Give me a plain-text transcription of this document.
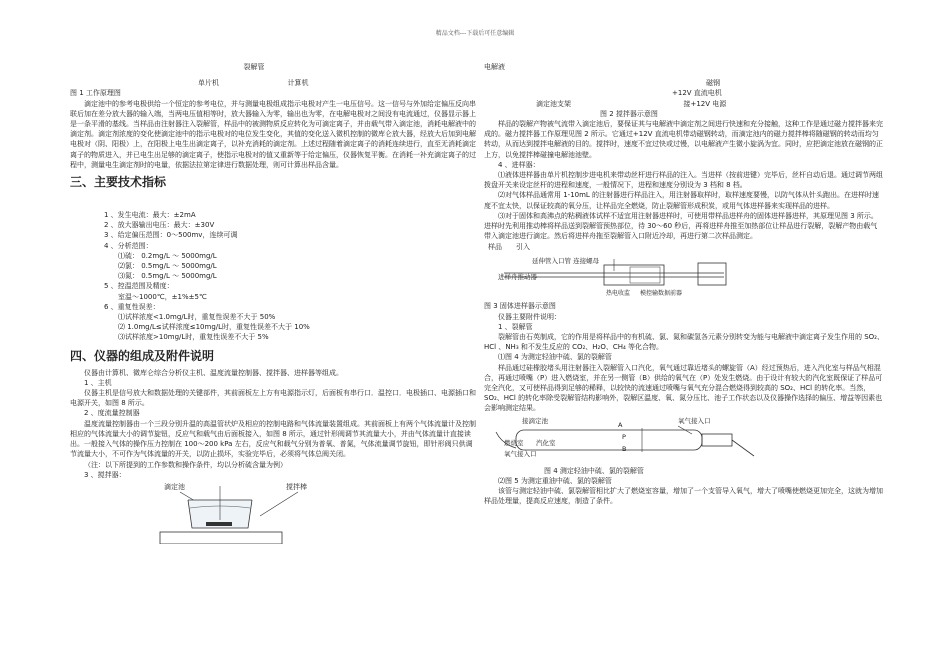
精品文档---下载后可任意编辑

裂解管

单片机	计算机

图 1 工作原理图

滴定池中的参考电极供给一个恒定的参考电位，并与测量电极组成指示电极对产生一电压信号。这一信号与外加给定偏压反向串联后加在差分放大器的输入端，当两电压值相等时，放大器输入为零，输出也为零，在电解电极对之间没有电流通过，仪器显示器上是一条平滑的基线。当样品由注射器注入裂解管，样品中的被测物质反应转化为可滴定离子，并由载气带入滴定池，消耗电解液中的滴定剂。滴定剂浓度的变化使滴定池中的指示电极对的电位发生变化，其值的变化送入微机控制的微库仑放大器，经放大后加到电解电极对（阴、阳极）上，在阳极上电生出滴定离子，以补充消耗的滴定剂。上述过程随着滴定离子的消耗连续进行，直至无消耗滴定离子的物质进入，并已电生出足够的滴定离子，使指示电极对的值又重新等于给定偏压，仪器恢复平衡。在消耗一补充滴定离子的过程中，测量电生滴定剂时的电量，依据法拉第定律进行数据处理，则可计算出样品含量。

三、主要技术指标

1 、发生电流：最大：±2mA

2 、放大器输出电压：最大：±30V

3 、给定偏压范围：0～500mv，连续可调

4 、分析范围：

⑴硫： 0.2mg/L ～ 5000mg/L

⑵氯： 0.5mg/L ～ 5000mg/L

⑶氮： 0.5mg/L ～ 5000mg/L

5 、控温范围及精度：

室温～1000℃，±1%±5℃

6 、重复性误差：

⑴试样浓度<1.0mg/L时，重复性误差不大于 50%

⑵ 1.0mg/L≤试样浓度≤10mg/L时，重复性误差不大于 10%

⑶试样浓度>10mg/L时，重复性误差不大于 5%

四、仪器的组成及附件说明

仪器由计算机、微库仑综合分析仪主机、温度流量控制器、搅拌器、进样器等组成。

1 、主机

仪器主机是信号放大和数据处理的关键部件，其前面板左上方有电源指示灯，后面板有串行口．温控口．电极插口、电源插口和电源开关，如图 8 所示。

2 、度流量控制器

温度流量控制器由一个三段分别升温的高温管状炉及相应的控制电路和气体流量装置组成。其前面板上有两个气体流量计及控制相应的气体流量大小的调节旋钮，反应气和载气由后面板接入，如图 8 所示，通过针形阀调节其流量大小，并由气体流量计直接读出。一般接入气体的操作压力控制在 100～200 kPa 左右，反应气和载气分别为普氧、普氮，气体流量调节旋钮，即针形阀只供调节流量大小，不可作为气体流量的开关，以防止损坏，实验完毕后，必须将气体总阀关闭。

（注：以下所提到的工作参数和操作条件，均以分析硫含量为例）

3 、搅拌器：

滴定池	搅拌棒

电解液

磁钢

+12V 直流电机

滴定池支架	接+12V 电源

图 2 搅拌器示意图

样品的裂解产物被气流带入滴定池后，要保证其与电解液中滴定剂之间进行快速和充分接触，这种工作是通过磁力搅拌器来完成的。磁力搅拌器工作原理见图 2 所示。它通过+12V 直流电机带动磁钢转动，而滴定池内的磁力搅拌棒将随磁钢的转动而均匀转动，从而达到搅拌电解液的目的。搅拌时，速度不宜过快或过慢，以电解液产生微小旋涡为宜。同时，应把滴定池放在磁钢的正上方，以免搅拌棒碰撞电解池池壁。

4 、进样器：

⑴液体进样器由单片机控制步进电机来带动丝杆进行样品的注入。当进样（按前进键）完毕后，丝杆自动后退。通过调节两组拨盘开关来设定丝杆的进程和速度，一般情况下，进程和速度分别设为 3 档和 8 档。

⑵对气体样品通常用 1-10mL 的注射器进行样品注入，用注射器取样时，取样速度要慢，以防气体从针头跑出。在进样时速度不宜太快，以保证较高的氧分压，让样品完全燃烧，防止裂解管形成积炭，或用气体进样器来实现样品的进样。

⑶对于固体和高沸点的粘稠液体试样不适宜用注射器进样时，可使用带样品进样舟的固体进样器进样，其原理见图 3 所示。进样时先利用推动棒将样品送到裂解管预热部位，待 30～60 秒后，再将进样舟推至加热部位让样品进行裂解，裂解产物由载气带入滴定池进行滴定。然后将进样舟拖至裂解管入口附近冷却，再进行第二次样品测定。

样品 引入
延伸管入口管 连接螺母
进样舟推动器
热电收监 模控输数据前器

图 3 固体进样器示意图

仪器主要附件说明：

1 、裂解管

裂解管由石英制成，它的作用是将样品中的有机硫、氯、氮和碳氢各元素分别转变为能与电解液中滴定离子发生作用的 SO₂、HCl 、NH₃ 和不发生反应的 CO₂、H₂O、CH₄ 等化合物。

⑴图 4 为测定轻油中硫、氯的裂解管

样品通过硅橡胶堵头用注射器注入裂解管入口汽化，氧气通过靠近堵头的螺旋管（A）经过预热后，进入汽化室与样品气相混合，再通过喷嘴（P）进入燃烧室，并在另一侧管（B）供给的氧气在（P）处发生燃烧。由于设计有较大的汽化室既保证了样品可完全汽化，又可使样品得到足够的稀释，以较快的流速通过喷嘴与氧气充分混合燃烧得到较高的 SO₂、HCl 的转化率。当然，SO₂、HCl 的转化率除受裂解管结构影响外，裂解区温度、氧、氮分压比、池子工作状态以及仪器操作选择的偏压、增益等因素也会影响测定结果。

接滴定池	A
P
B
氧气接入口
燃烧室 汽化室
氧气接入口

图 4 测定轻油中硫、氯的裂解管

⑵图 5 为测定重油中硫、氯的裂解管

该管与测定轻油中硫、氯裂解管相比扩大了燃烧室容量，增加了一个支管导入氧气，增大了喷嘴使燃烧更加完全，这就为增加样品处理量，提高反应速度，制造了条件。
